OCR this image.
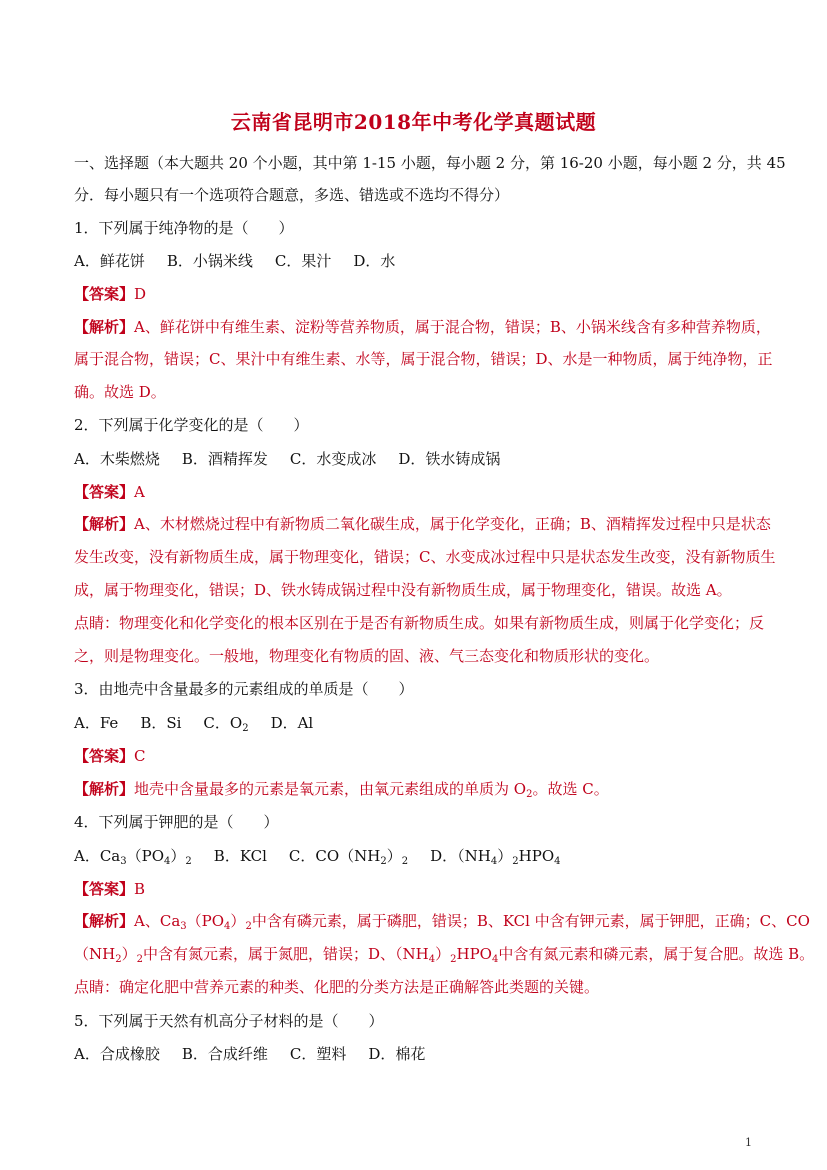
云南省昆明市2018年中考化学真题试题
一、选择题（本大题共 20 个小题，其中第 1-15 小题，每小题 2 分，第 16-20 小题，每小题 2 分，共 45
分．每小题只有一个选项符合题意，多选、错选或不选均不得分）
1．下列属于纯净物的是（　　）
A．鲜花饼 B．小锅米线 C．果汁 D．水
【答案】D
【解析】A、鲜花饼中有维生素、淀粉等营养物质，属于混合物，错误；B、小锅米线含有多种营养物质，
属于混合物，错误；C、果汁中有维生素、水等，属于混合物，错误；D、水是一种物质，属于纯净物，正
确。故选 D。
2．下列属于化学变化的是（　　）
A．木柴燃烧 B．酒精挥发 C．水变成冰 D．铁水铸成锅
【答案】A
【解析】A、木材燃烧过程中有新物质二氧化碳生成，属于化学变化，正确；B、酒精挥发过程中只是状态
发生改变，没有新物质生成，属于物理变化，错误；C、水变成冰过程中只是状态发生改变，没有新物质生
成，属于物理变化，错误；D、铁水铸成锅过程中没有新物质生成，属于物理变化，错误。故选 A。
点睛：物理变化和化学变化的根本区别在于是否有新物质生成。如果有新物质生成，则属于化学变化；反
之，则是物理变化。一般地，物理变化有物质的固、液、气三态变化和物质形状的变化。
3．由地壳中含量最多的元素组成的单质是（　　）
A．Fe B．Si C．$O_2$ D．Al
【答案】C
【解析】地壳中含量最多的元素是氧元素，由氧元素组成的单质为 $O_2$。故选 C。
4．下列属于钾肥的是（　　）
A．$Ca_3(PO_4)_2$ B．KCl C．$CO(NH_2)_2$ D．$(NH_4)_2HPO_4$
【答案】B
【解析】A、$Ca_3(PO_4)_2$中含有磷元素，属于磷肥，错误；B、KCl 中含有钾元素，属于钾肥，正确；C、CO
$(NH_2)_2$中含有氮元素，属于氮肥，错误；D、$(NH_4)_2HPO_4$中含有氮元素和磷元素，属于复合肥。故选 B。
点睛：确定化肥中营养元素的种类、化肥的分类方法是正确解答此类题的关键。
5．下列属于天然有机高分子材料的是（　　）
A．合成橡胶 B．合成纤维 C．塑料 D．棉花
1
